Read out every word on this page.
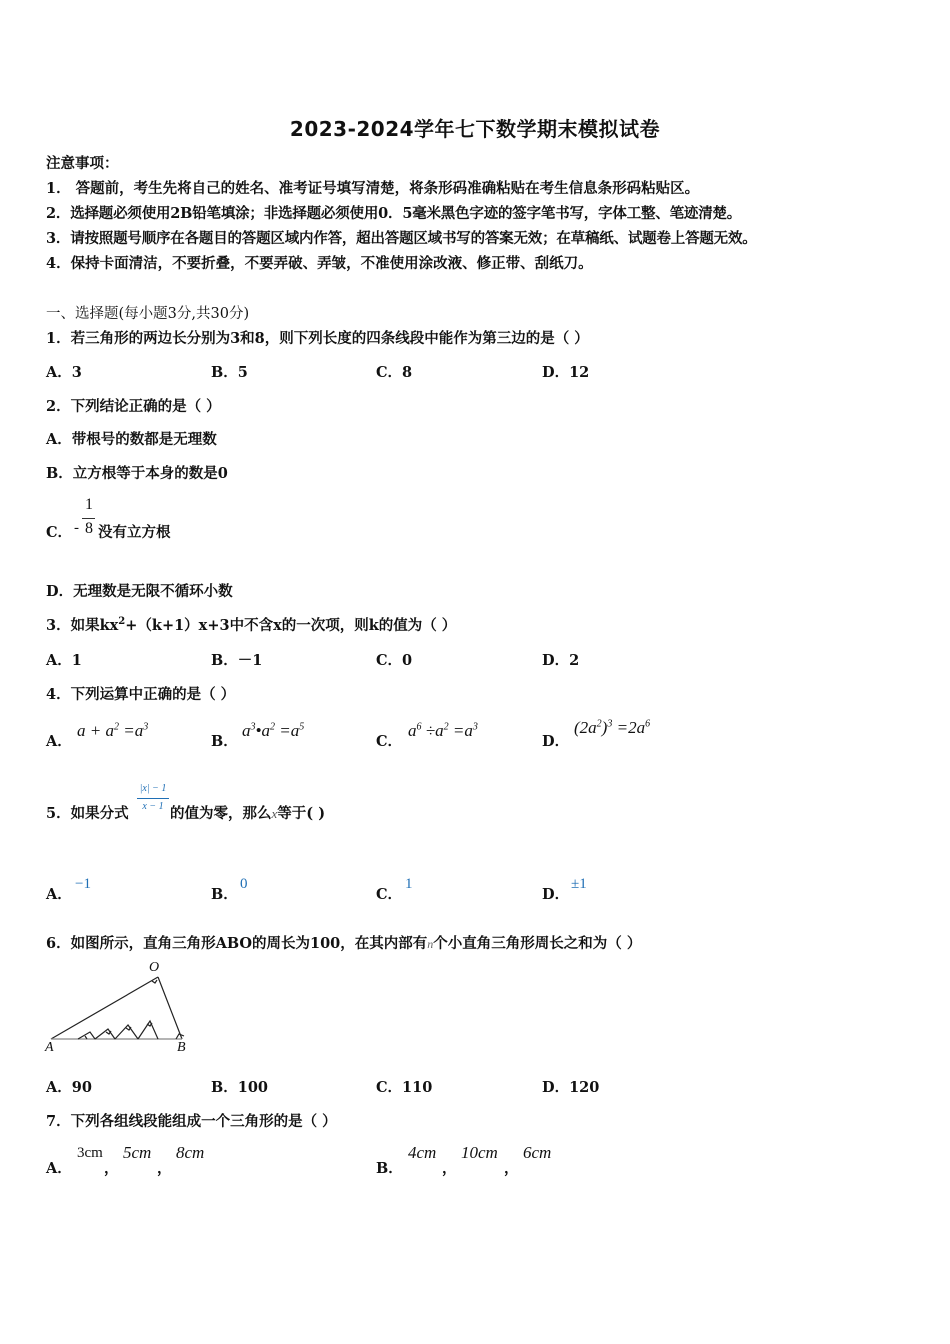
2023-2024学年七下数学期末模拟试卷
注意事项：
1． 答题前，考生先将自己的姓名、准考证号填写清楚，将条形码准确粘贴在考生信息条形码粘贴区。
2．选择题必须使用2B铅笔填涂；非选择题必须使用0．5毫米黑色字迹的签字笔书写，字体工整、笔迹清楚。
3．请按照题号顺序在各题目的答题区域内作答，超出答题区域书写的答案无效；在草稿纸、试题卷上答题无效。
4．保持卡面清洁，不要折叠，不要弄破、弄皱，不准使用涂改液、修正带、刮纸刀。
一、选择题(每小题3分,共30分)
1．若三角形的两边长分别为3和8，则下列长度的四条线段中能作为第三边的是（ ）
A．3	B．5	C．8	D．12
2．下列结论正确的是（ ）
A．带根号的数都是无理数
B．立方根等于本身的数是0
C． -
1
8 没有立方根
D．无理数是无限不循环小数
3．如果$kx^2+(k+1)x+3$中不含x的一次项，则k的值为（ ）
A．1	B．－1	C．0	D．2
4．下列运算中正确的是（ ）
A．
$a + a^2 =a^3$
B．
$a^3•a^2 =a^5$
C．
$a^6 \div a^2 =a^3$
D．
$(2a^2)^3 =2a^6$
5．如果分式
|x| − 1
x − 1 的值为零，那么x等于( )
A．
−1
B．
0
C．
1
D．
±1
6．如图所示，直角三角形ABO的周长为100，在其内部有n个小直角三角形周长之和为（ ）
O
A	B
A．90	B．100	C．110	D．120
7．下列各组线段能组成一个三角形的是（ ）
A．
3cm
，
5cm
，
8cm
B．
4cm
，
10cm
，
6cm
